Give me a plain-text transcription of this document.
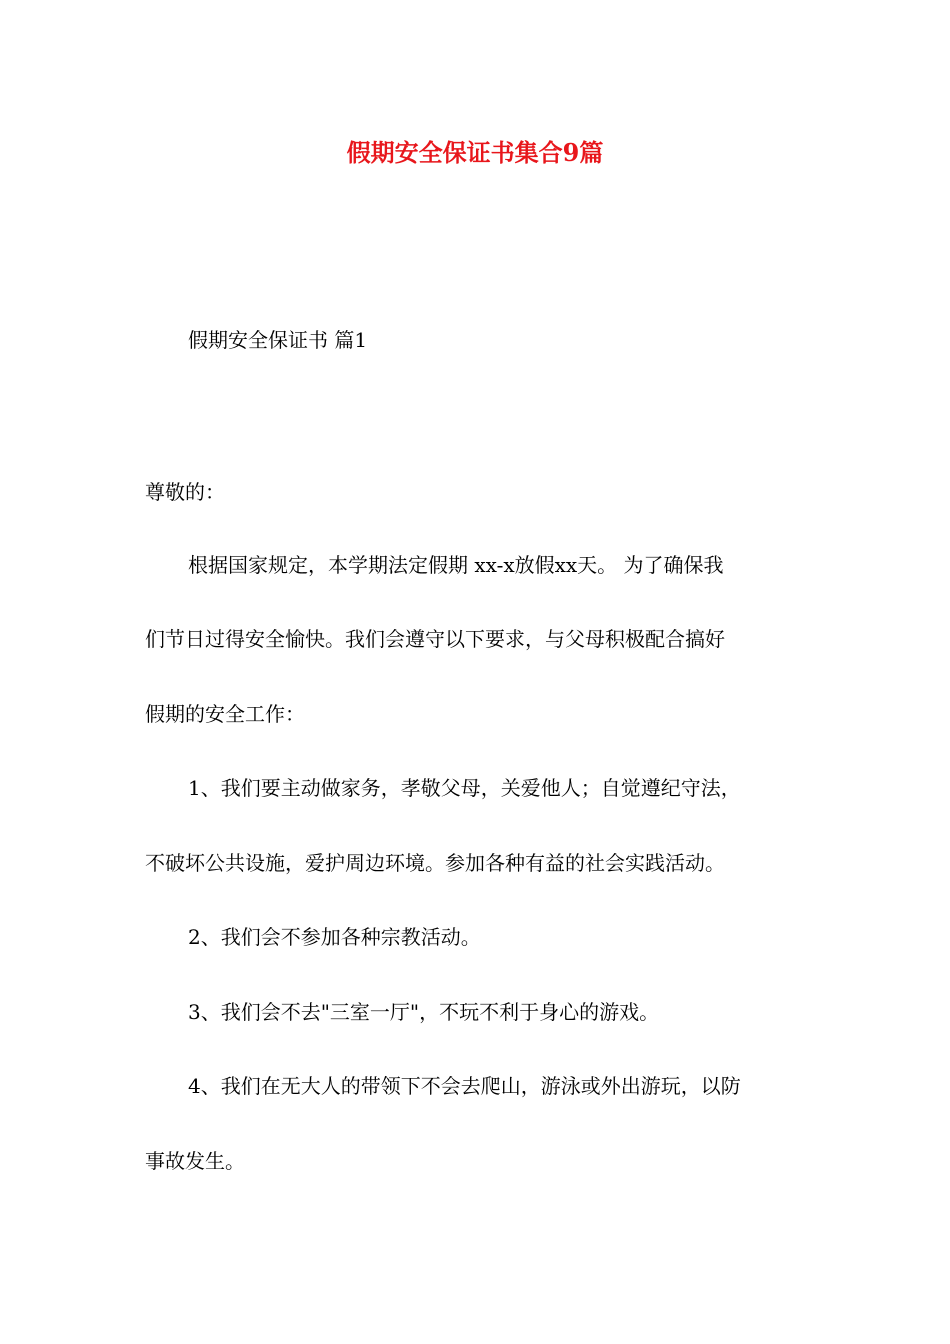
假期安全保证书集合9篇

假期安全保证书 篇1

尊敬的：

根据国家规定，本学期法定假期 xx-x放假xx天。 为了确保我

们节日过得安全愉快。我们会遵守以下要求，与父母积极配合搞好

假期的安全工作：

1、我们要主动做家务，孝敬父母，关爱他人；自觉遵纪守法，

不破坏公共设施，爱护周边环境。参加各种有益的社会实践活动。

2、我们会不参加各种宗教活动。

3、我们会不去"三室一厅"，不玩不利于身心的游戏。

4、我们在无大人的带领下不会去爬山，游泳或外出游玩，以防

事故发生。
